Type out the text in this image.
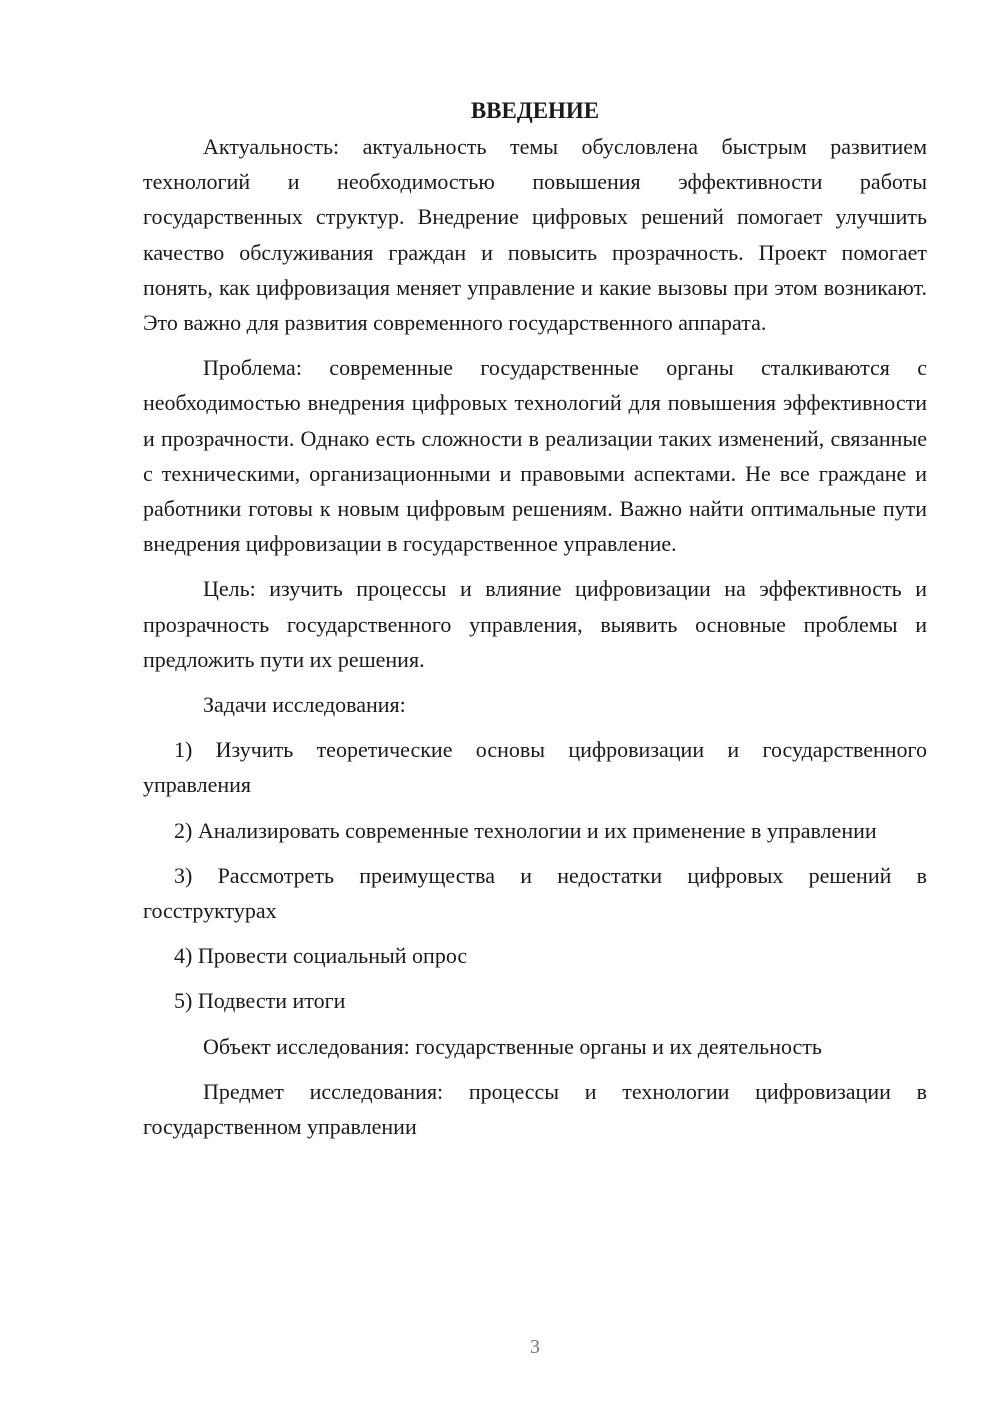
ВВЕДЕНИЕ

Актуальность: актуальность темы обусловлена быстрым развитием технологий и необходимостью повышения эффективности работы государственных структур. Внедрение цифровых решений помогает улучшить качество обслуживания граждан и повысить прозрачность. Проект помогает понять, как цифровизация меняет управление и какие вызовы при этом возникают. Это важно для развития современного государственного аппарата.

Проблема: современные государственные органы сталкиваются с необходимостью внедрения цифровых технологий для повышения эффективности и прозрачности. Однако есть сложности в реализации таких изменений, связанные с техническими, организационными и правовыми аспектами. Не все граждане и работники готовы к новым цифровым решениям. Важно найти оптимальные пути внедрения цифровизации в государственное управление.

Цель: изучить процессы и влияние цифровизации на эффективность и прозрачность государственного управления, выявить основные проблемы и предложить пути их решения.

Задачи исследования:

1) Изучить теоретические основы цифровизации и государственного управления

2) Анализировать современные технологии и их применение в управлении

3) Рассмотреть преимущества и недостатки цифровых решений в госструктурах

4) Провести социальный опрос

5) Подвести итоги

Объект исследования: государственные органы и их деятельность

Предмет исследования: процессы и технологии цифровизации в государственном управлении

3
